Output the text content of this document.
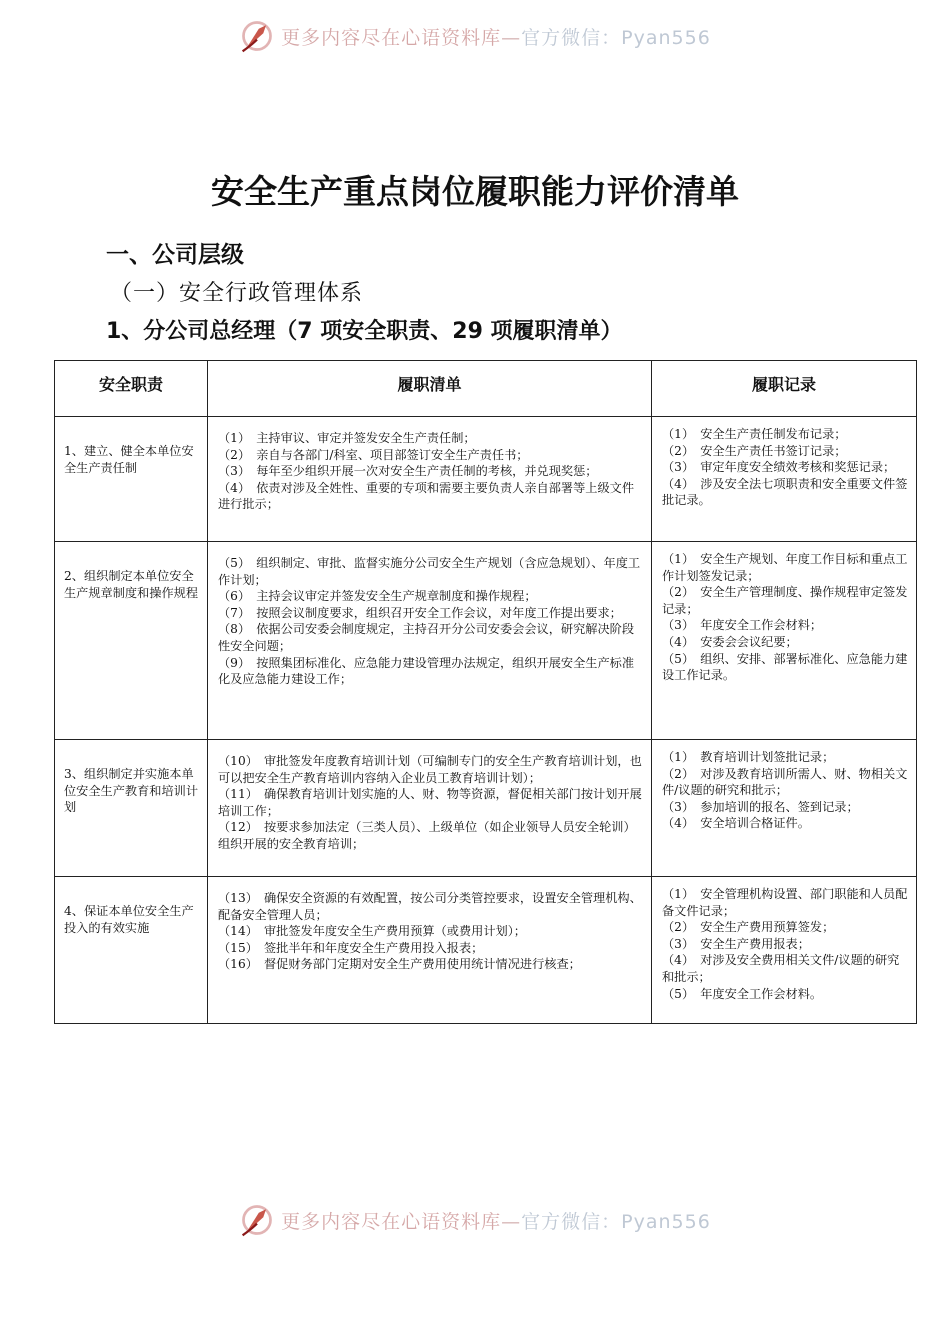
更多内容尽在心语资料库—官方微信：Pyan556
安全生产重点岗位履职能力评价清单
一、公司层级
（一）安全行政管理体系
1、分公司总经理（7 项安全职责、29 项履职清单）
安全职责	履职清单	履职记录

1、建立、健全本单位安全生产责任制	（1）　主持审议、审定并签发安全生产责任制；
（2）　亲自与各部门/科室、项目部签订安全生产责任书；
（3）　每年至少组织开展一次对安全生产责任制的考核，并兑现奖惩；
（4）　依责对涉及全姓性、重要的专项和需要主要负责人亲自部署等上级文件进行批示；	（1）　安全生产责任制发布记录；
（2）　安全生产责任书签订记录；
（3）　审定年度安全绩效考核和奖惩记录；
（4）　涉及安全法七项职责和安全重要文件签批记录。

2、组织制定本单位安全生产规章制度和操作规程	（5）　组织制定、审批、监督实施分公司安全生产规划（含应急规划）、年度工作计划；
（6）　主持会议审定并签发安全生产规章制度和操作规程；
（7）　按照会议制度要求，组织召开安全工作会议，对年度工作提出要求；
（8）　依据公司安委会制度规定，主持召开分公司安委会会议，研究解决阶段性安全问题；
（9）　按照集团标准化、应急能力建设管理办法规定，组织开展安全生产标准化及应急能力建设工作；	（1）　安全生产规划、年度工作目标和重点工作计划签发记录；
（2）　安全生产管理制度、操作规程审定签发记录；
（3）　年度安全工作会材料；
（4）　安委会会议纪要；
（5）　组织、安排、部署标准化、应急能力建设工作记录。

3、组织制定并实施本单位安全生产教育和培训计划	（10）　审批签发年度教育培训计划（可编制专门的安全生产教育培训计划，也可以把安全生产教育培训内容纳入企业员工教育培训计划）；
（11）　确保教育培训计划实施的人、财、物等资源，督促相关部门按计划开展培训工作；
（12）　按要求参加法定（三类人员）、上级单位（如企业领导人员安全轮训）组织开展的安全教育培训；	（1）　教育培训计划签批记录；
（2）　对涉及教育培训所需人、财、物相关文件/议题的研究和批示；
（3）　参加培训的报名、签到记录；
（4）　安全培训合格证件。

4、保证本单位安全生产投入的有效实施	（13）　确保安全资源的有效配置，按公司分类管控要求，设置安全管理机构、配备安全管理人员；
（14）　审批签发年度安全生产费用预算（或费用计划）；
（15）　签批半年和年度安全生产费用投入报表；
（16）　督促财务部门定期对安全生产费用使用统计情况进行核查；	（1）　安全管理机构设置、部门职能和人员配备文件记录；
（2）　安全生产费用预算签发；
（3）　安全生产费用报表；
（4）　对涉及安全费用相关文件/议题的研究和批示；
（5）　年度安全工作会材料。
更多内容尽在心语资料库—官方微信：Pyan556
